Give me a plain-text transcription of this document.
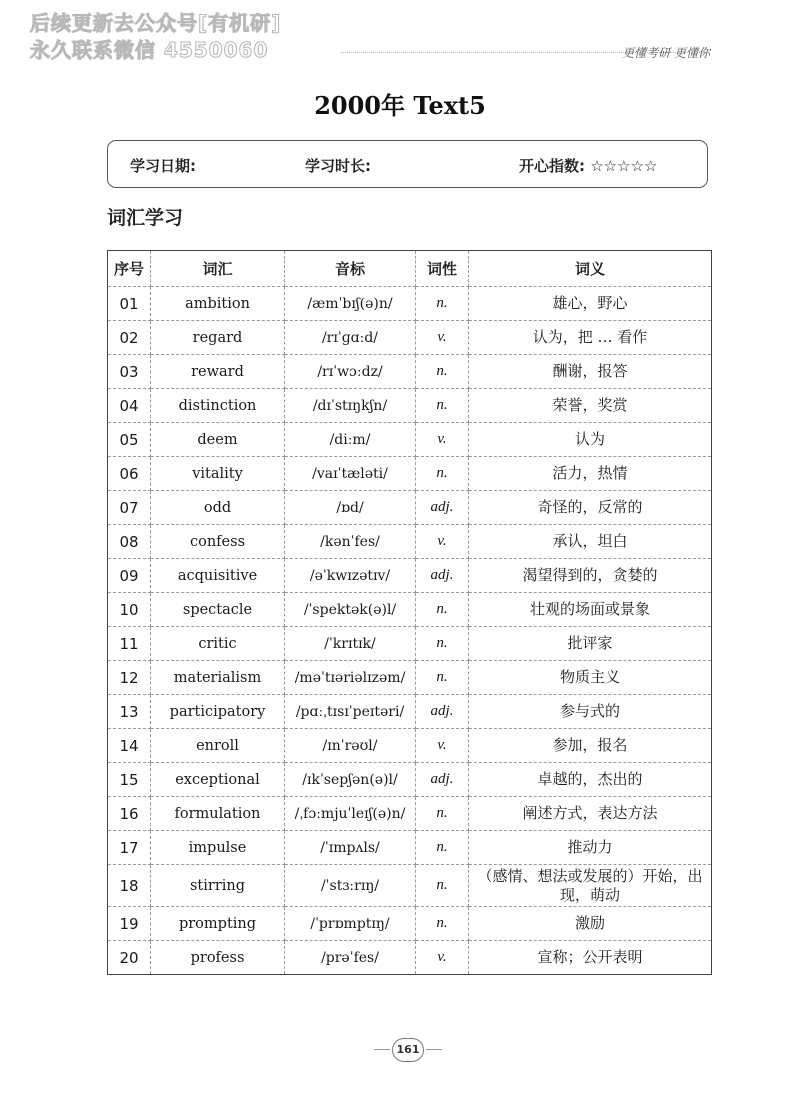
后续更新去公众号[有机研]
永久联系微信 4550060	更懂考研 更懂你
2000年 Text5
学习日期:	学习时长:	开心指数: ☆☆☆☆☆
词汇学习
序号	词汇	音标	词性	词义
01	ambition	/æmˈbɪʃ(ə)n/	n.	雄心，野心
02	regard	/rɪˈɡɑːd/	v.	认为，把 … 看作
03	reward	/rɪˈwɔːdz/	n.	酬谢，报答
04	distinction	/dɪˈstɪŋkʃn/	n.	荣誉，奖赏
05	deem	/diːm/	v.	认为
06	vitality	/vaɪˈtæləti/	n.	活力，热情
07	odd	/ɒd/	adj.	奇怪的，反常的
08	confess	/kənˈfes/	v.	承认，坦白
09	acquisitive	/əˈkwɪzətɪv/	adj.	渴望得到的，贪婪的
10	spectacle	/ˈspektək(ə)l/	n.	壮观的场面或景象
11	critic	/ˈkrɪtɪk/	n.	批评家
12	materialism	/məˈtɪəriəlɪzəm/	n.	物质主义
13	participatory	/pɑːˌtɪsɪˈpeɪtəri/	adj.	参与式的
14	enroll	/ɪnˈrəʊl/	v.	参加，报名
15	exceptional	/ɪkˈsepʃən(ə)l/	adj.	卓越的，杰出的
16	formulation	/ˌfɔːmjuˈleɪʃ(ə)n/	n.	阐述方式，表达方法
17	impulse	/ˈɪmpʌls/	n.	推动力
18	stirring	/ˈstɜːrɪŋ/	n.	（感情、想法或发展的）开始，出现，萌动
19	prompting	/ˈprɒmptɪŋ/	n.	激励
20	profess	/prəˈfes/	v.	宣称；公开表明
161
